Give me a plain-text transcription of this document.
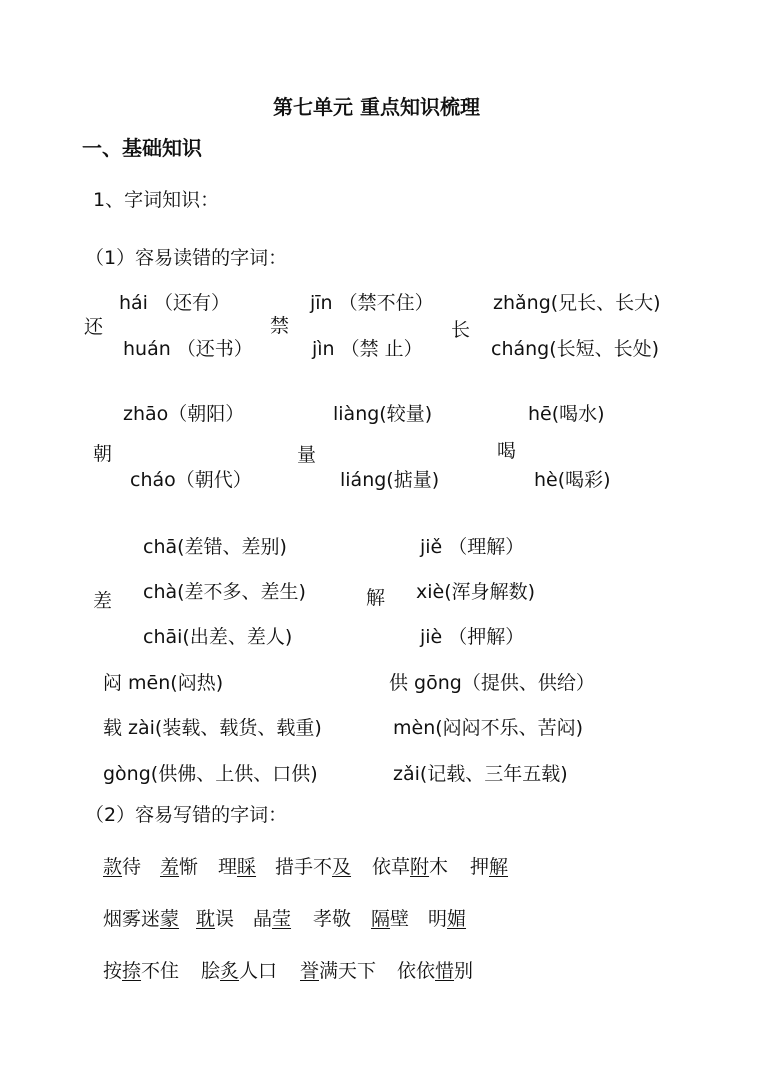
第七单元 重点知识梳理
一、基础知识
1、字词知识：
（1）容易读错的字词：
还
hái （还有）
huán （还书）
禁
jīn （禁不住）
jìn （禁 止）
长
zhǎng(兄长、长大)
cháng(长短、长处)
朝
zhāo（朝阳）
cháo（朝代）
量
liàng(较量)
liáng(掂量)
喝
hē(喝水)
hè(喝彩)
差
chā(差错、差别)
chà(差不多、差生)
chāi(出差、差人)
解
jiě （理解）
xiè(浑身解数)
jiè （押解）
闷 mēn(闷热)	供 gōng（提供、供给）
载 zài(装载、载货、载重)	mèn(闷闷不乐、苦闷)
gòng(供佛、上供、口供)	zǎi(记载、三年五载)
（2）容易写错的字词：
款待 羞惭 理睬 措手不及 依草附木 押解
烟雾迷蒙 耽误 晶莹 孝敬 隔壁 明媚
按捺不住 脍炙人口 誉满天下 依依惜别
